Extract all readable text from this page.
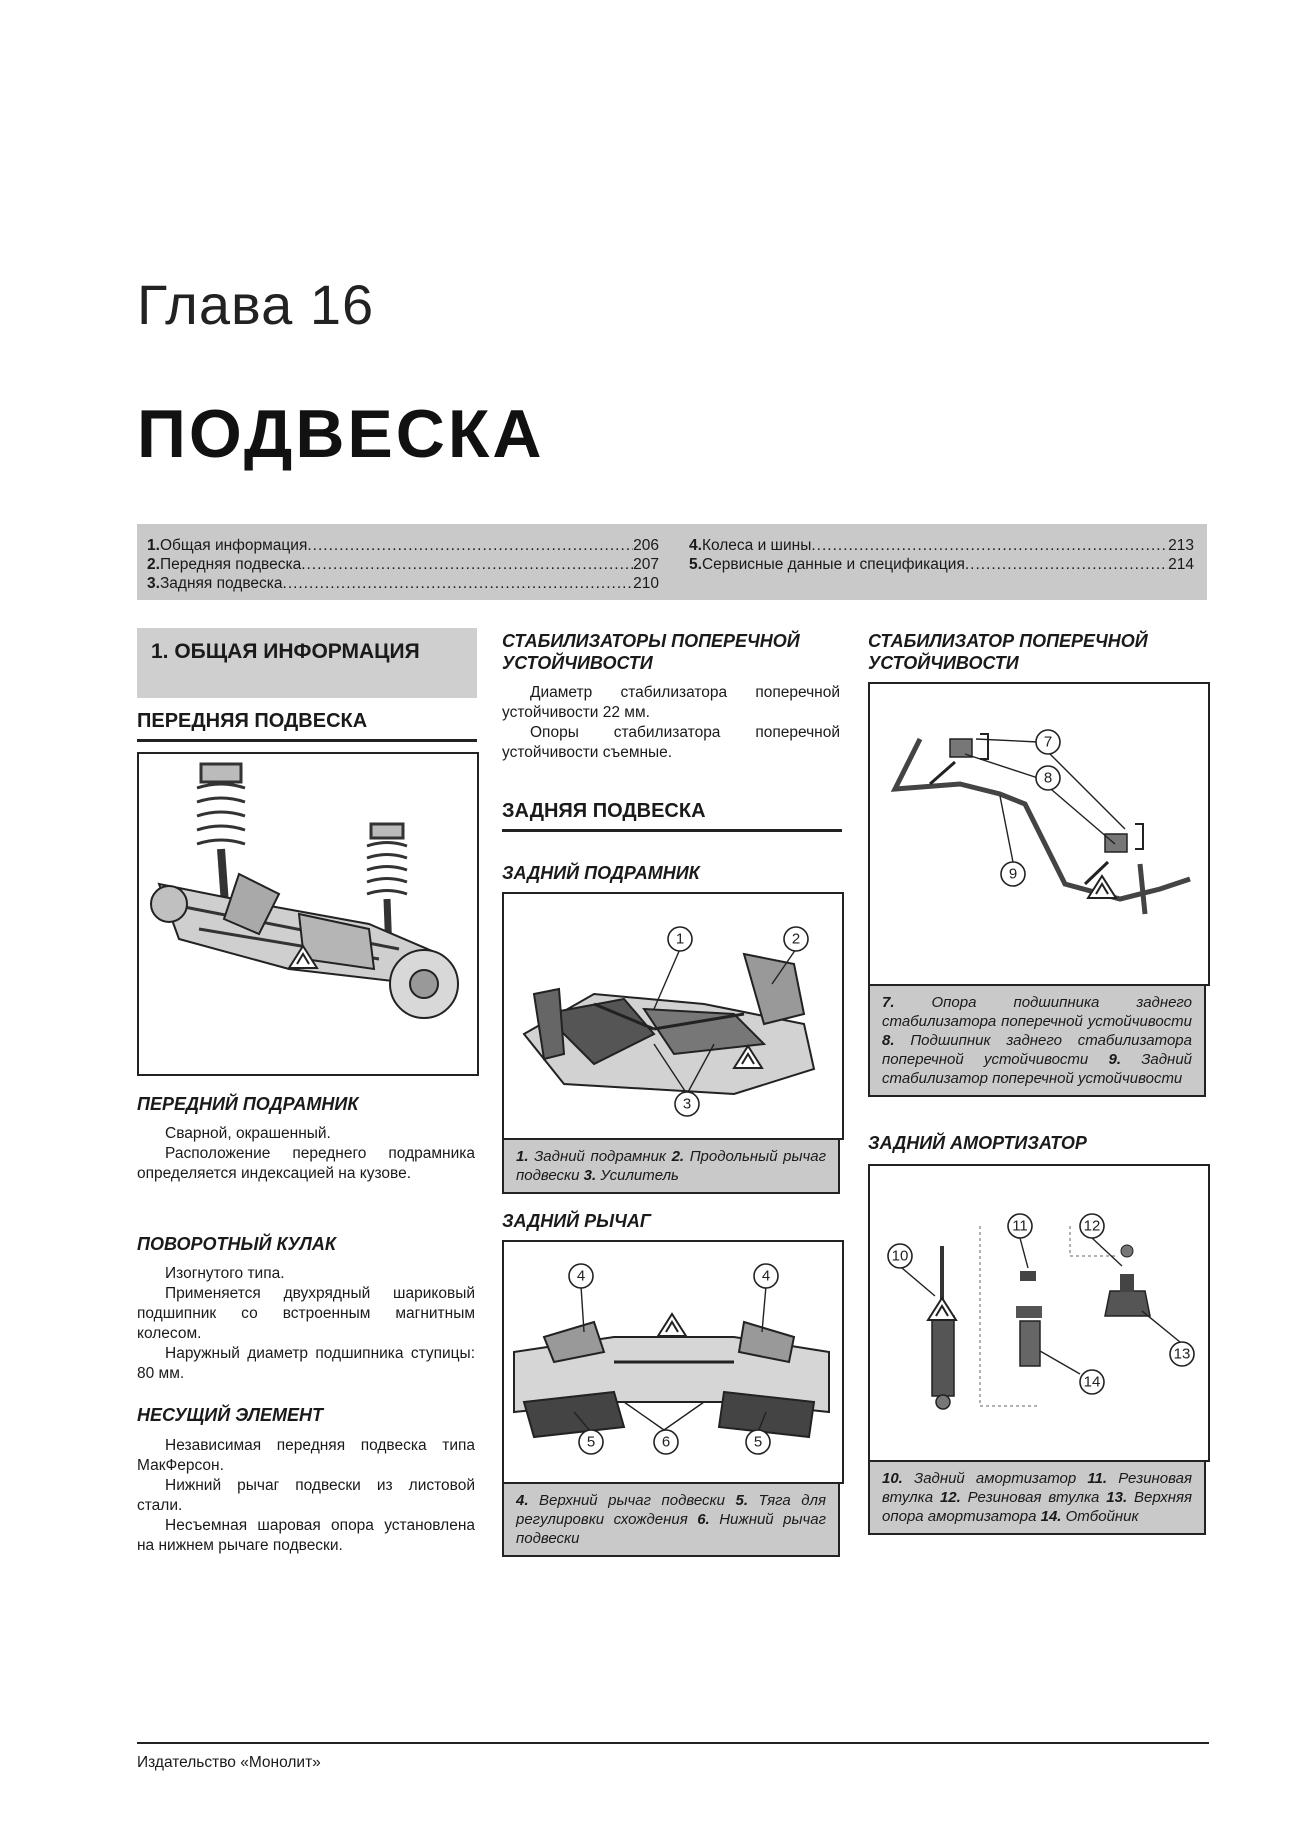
Глава 16
ПОДВЕСКА
1. Общая информация .....	206
2. Передняя подвеска .....	207
3. Задняя подвеска .....	210
4. Колеса и шины .....	213
5. Сервисные данные и спецификация .....	214
1. ОБЩАЯ ИНФОРМАЦИЯ
ПЕРЕДНЯЯ ПОДВЕСКА
ПЕРЕДНИЙ ПОДРАМНИК

Сварной, окрашенный.

Расположение переднего подрамника определяется индексацией на кузове.

ПОВОРОТНЫЙ КУЛАК

Изогнутого типа.

Применяется двухрядный шариковый подшипник со встроенным магнитным колесом.

Наружный диаметр подшипника ступицы: 80 мм.

НЕСУЩИЙ ЭЛЕМЕНТ

Независимая передняя подвеска типа МакФерсон.

Нижний рычаг подвески из листовой стали.

Несъемная шаровая опора установлена на нижнем рычаге подвески.

СТАБИЛИЗАТОРЫ ПОПЕРЕЧНОЙ УСТОЙЧИВОСТИ

Диаметр стабилизатора поперечной устойчивости 22 мм.

Опоры стабилизатора поперечной устойчивости съемные.

ЗАДНЯЯ ПОДВЕСКА
ЗАДНИЙ ПОДРАМНИК
1	2
3
1. Задний подрамник 2. Продольный рычаг подвески 3. Усилитель
ЗАДНИЙ РЫЧАГ
4	4
5	6	5
4. Верхний рычаг подвески 5. Тяга для регулировки схождения 6. Нижний рычаг подвески
СТАБИЛИЗАТОР ПОПЕРЕЧНОЙ УСТОЙЧИВОСТИ
7
8
9
7. Опора подшипника заднего стабилизатора поперечной устойчивости 8. Подшипник заднего стабилизатора поперечной устойчивости 9. Задний стабилизатор поперечной устойчивости
ЗАДНИЙ АМОРТИЗАТОР
10
11	12
13
14
10. Задний амортизатор 11. Резиновая втулка 12. Резиновая втулка 13. Верхняя опора амортизатора 14. Отбойник
Издательство «Монолит»
